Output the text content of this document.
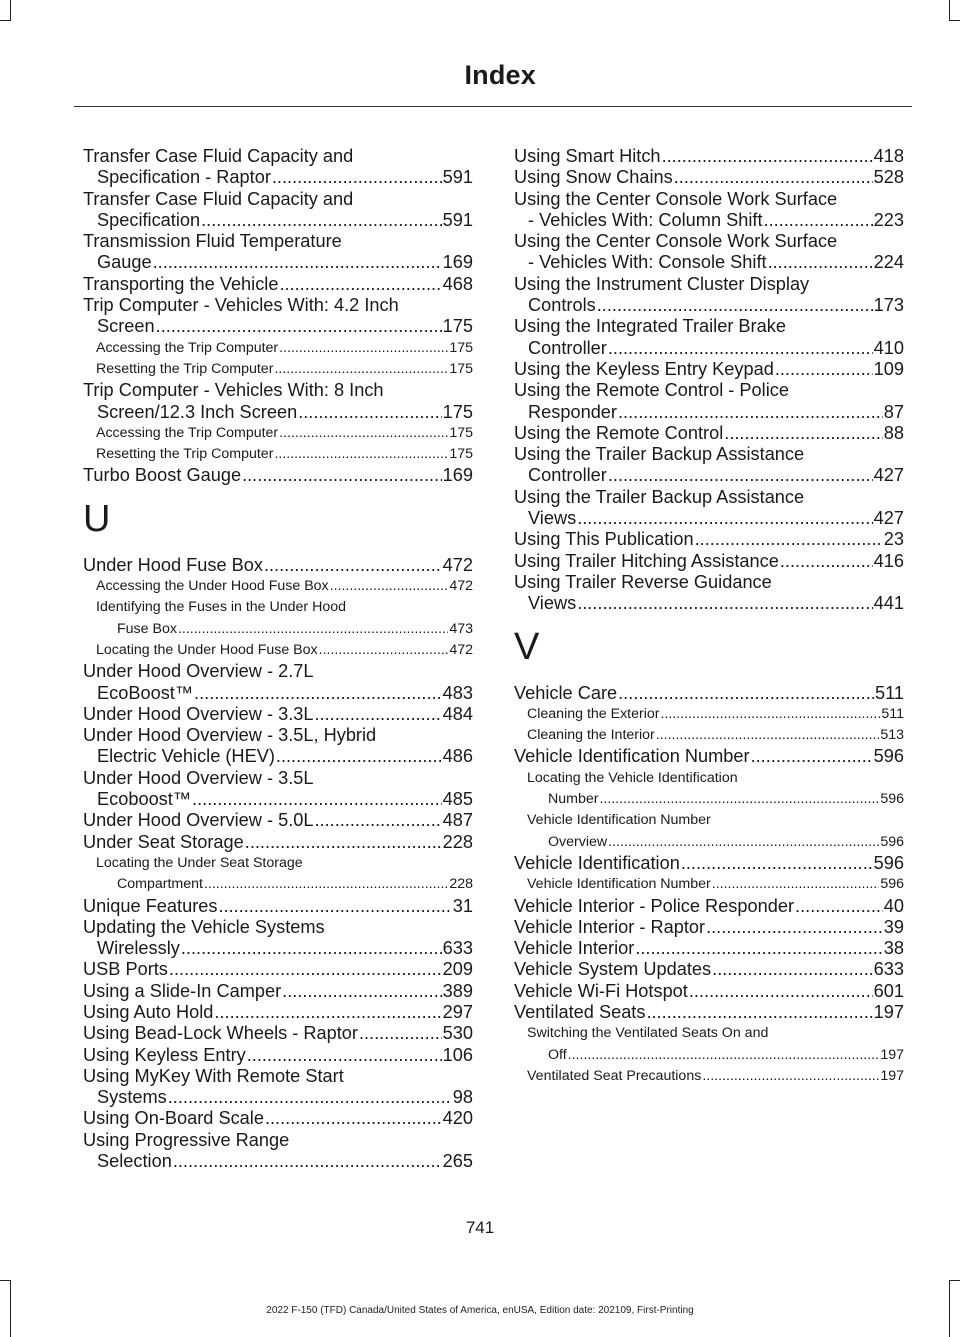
Index
Transfer Case Fluid Capacity and
Specification - Raptor .....	591
Transfer Case Fluid Capacity and
Specification .....	591
Transmission Fluid Temperature
Gauge .....	169
Transporting the Vehicle .....	468
Trip Computer - Vehicles With: 4.2 Inch
Screen .....	175
Accessing the Trip Computer .....	175
Resetting the Trip Computer .....	175
Trip Computer - Vehicles With: 8 Inch
Screen/12.3 Inch Screen .....	175
Accessing the Trip Computer .....	175
Resetting the Trip Computer .....	175
Turbo Boost Gauge .....	169
U
Under Hood Fuse Box .....	472
Accessing the Under Hood Fuse Box .....	472
Identifying the Fuses in the Under Hood
Fuse Box .....	473
Locating the Under Hood Fuse Box .....	472
Under Hood Overview - 2.7L
EcoBoost™ .....	483
Under Hood Overview - 3.3L .....	484
Under Hood Overview - 3.5L, Hybrid
Electric Vehicle (HEV) .....	486
Under Hood Overview - 3.5L
Ecoboost™ .....	485
Under Hood Overview - 5.0L .....	487
Under Seat Storage .....	228
Locating the Under Seat Storage
Compartment .....	228
Unique Features .....	31
Updating the Vehicle Systems
Wirelessly .....	633
USB Ports .....	209
Using a Slide-In Camper .....	389
Using Auto Hold .....	297
Using Bead-Lock Wheels - Raptor .....	530
Using Keyless Entry .....	106
Using MyKey With Remote Start
Systems .....	98
Using On-Board Scale .....	420
Using Progressive Range
Selection .....	265
Using Smart Hitch .....	418
Using Snow Chains .....	528
Using the Center Console Work Surface
- Vehicles With: Column Shift .....	223
Using the Center Console Work Surface
- Vehicles With: Console Shift .....	224
Using the Instrument Cluster Display
Controls .....	173
Using the Integrated Trailer Brake
Controller .....	410
Using the Keyless Entry Keypad .....	109
Using the Remote Control - Police
Responder .....	87
Using the Remote Control .....	88
Using the Trailer Backup Assistance
Controller .....	427
Using the Trailer Backup Assistance
Views .....	427
Using This Publication .....	23
Using Trailer Hitching Assistance .....	416
Using Trailer Reverse Guidance
Views .....	441
V
Vehicle Care .....	511
Cleaning the Exterior .....	511
Cleaning the Interior .....	513
Vehicle Identification Number .....	596
Locating the Vehicle Identification
Number .....	596
Vehicle Identification Number
Overview .....	596
Vehicle Identification .....	596
Vehicle Identification Number .....	596
Vehicle Interior - Police Responder .....	40
Vehicle Interior - Raptor .....	39
Vehicle Interior .....	38
Vehicle System Updates .....	633
Vehicle Wi-Fi Hotspot .....	601
Ventilated Seats .....	197
Switching the Ventilated Seats On and
Off .....	197
Ventilated Seat Precautions .....	197
741
2022 F-150 (TFD) Canada/United States of America, enUSA, Edition date: 202109, First-Printing
